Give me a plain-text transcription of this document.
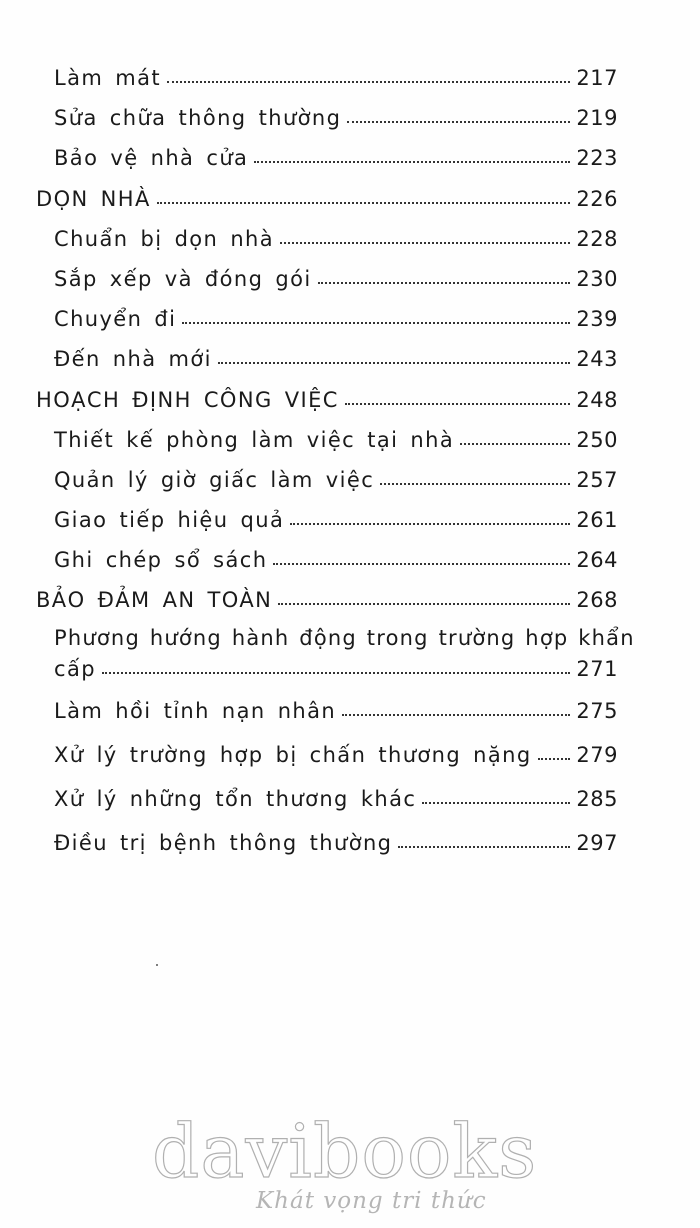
Làm mát	217
Sửa chữa thông thường	219
Bảo vệ nhà cửa	223
DỌN NHÀ	226
Chuẩn bị dọn nhà	228
Sắp xếp và đóng gói	230
Chuyển đi	239
Đến nhà mới	243
HOẠCH ĐỊNH CÔNG VIỆC	248
Thiết kế phòng làm việc tại nhà	250
Quản lý giờ giấc làm việc	257
Giao tiếp hiệu quả	261
Ghi chép sổ sách	264
BẢO ĐẢM AN TOÀN	268
Phương hướng hành động trong trường hợp khẩn
cấp	271
Làm hồi tỉnh nạn nhân	275
Xử lý trường hợp bị chấn thương nặng 279
Xử lý những tổn thương khác	285
Điều trị bệnh thông thường	297
davibooks
Khát vọng tri thức
